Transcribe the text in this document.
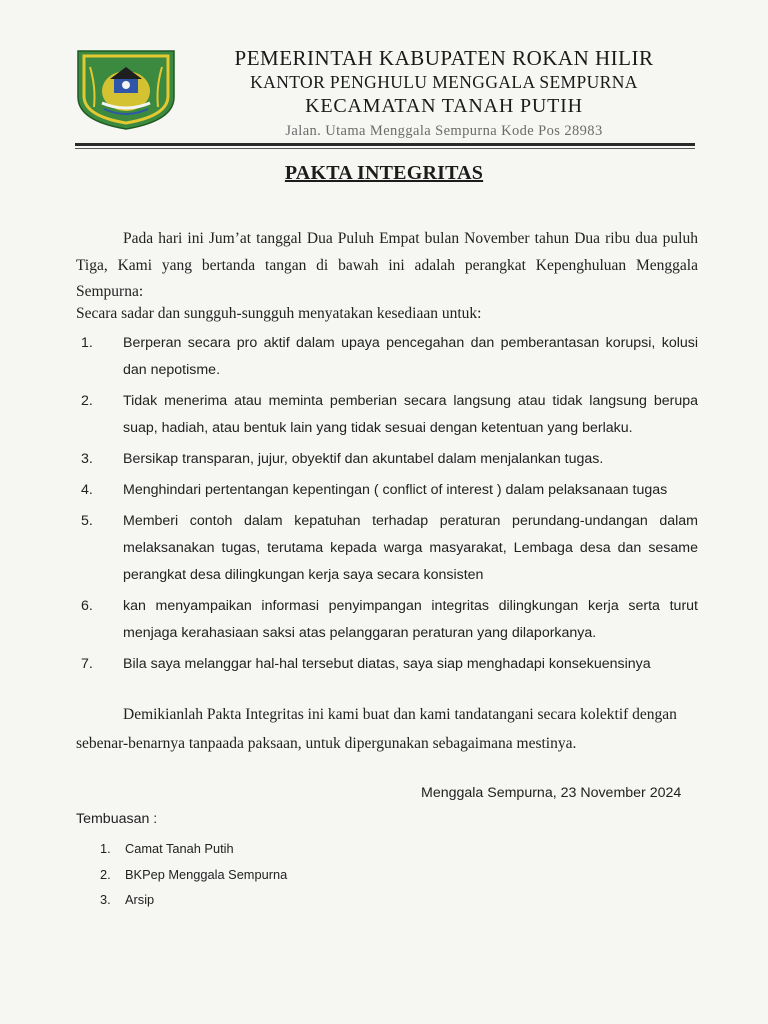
PEMERINTAH KABUPATEN ROKAN HILIR
KANTOR PENGHULU MENGGALA SEMPURNA
KECAMATAN TANAH PUTIH
Jalan. Utama Menggala Sempurna Kode Pos 28983
PAKTA INTEGRITAS
Pada hari ini Jum’at tanggal Dua Puluh Empat bulan November tahun Dua ribu dua puluh Tiga, Kami yang bertanda tangan di bawah ini adalah perangkat Kepenghuluan Menggala Sempurna:
Secara sadar dan sungguh-sungguh menyatakan kesediaan untuk:
1. Berperan secara pro aktif dalam upaya pencegahan dan pemberantasan korupsi, kolusi dan nepotisme.
2. Tidak menerima atau meminta pemberian secara langsung atau tidak langsung berupa suap, hadiah, atau bentuk lain yang tidak sesuai dengan ketentuan yang berlaku.
3. Bersikap transparan, jujur, obyektif dan akuntabel dalam menjalankan tugas.
4. Menghindari pertentangan kepentingan ( conflict of interest ) dalam pelaksanaan tugas
5. Memberi contoh dalam kepatuhan terhadap peraturan perundang-undangan dalam melaksanakan tugas, terutama kepada warga masyarakat, Lembaga desa dan sesame perangkat desa dilingkungan kerja saya secara konsisten
6. kan menyampaikan informasi penyimpangan integritas dilingkungan kerja serta turut menjaga kerahasiaan saksi atas pelanggaran peraturan yang dilaporkanya.
7. Bila saya melanggar hal-hal tersebut diatas, saya siap menghadapi konsekuensinya
Demikianlah Pakta Integritas ini kami buat dan kami tandatangani secara kolektif dengan sebenar-benarnya tanpaada paksaan, untuk dipergunakan sebagaimana mestinya.
Menggala Sempurna, 23 November 2024
Tembuasan :
1. Camat Tanah Putih
2. BKPep Menggala Sempurna
3. Arsip
